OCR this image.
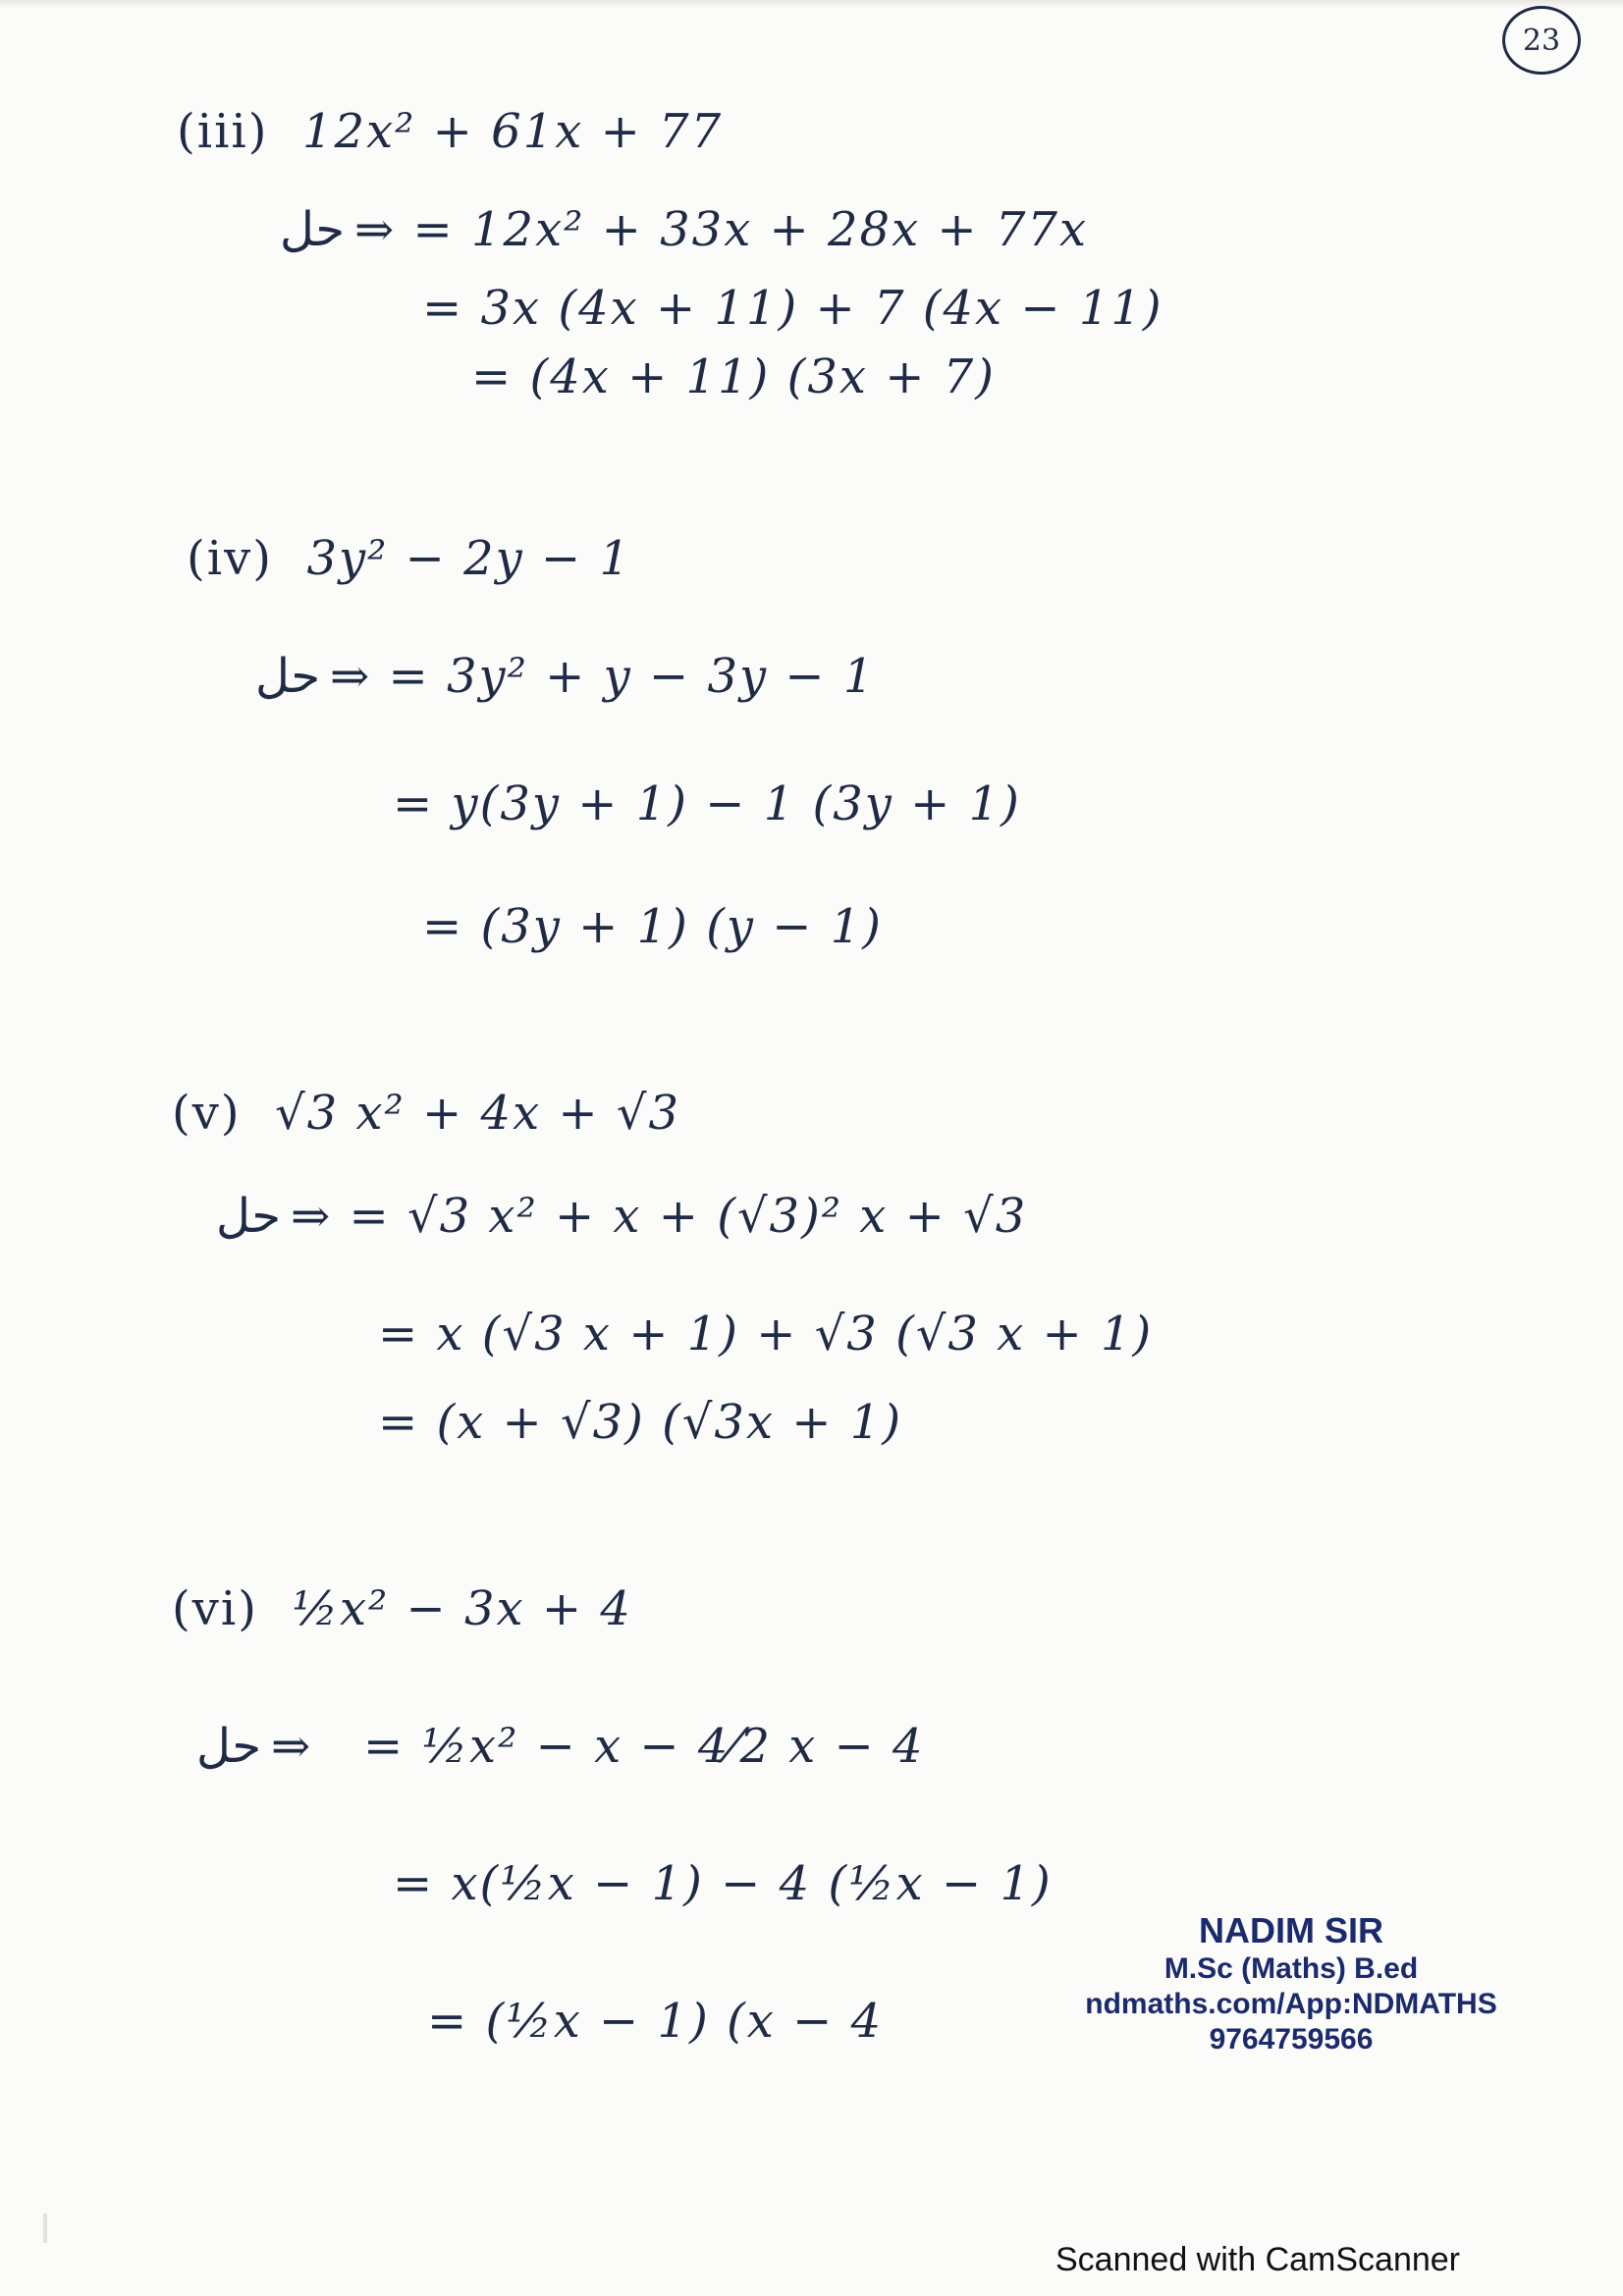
23
(iii) 12x² + 61x + 77
حل ⇒ = 12x² + 33x + 28x + 77x
= 3x (4x + 11) + 7 (4x − 11)
= (4x + 11) (3x + 7)
(iv) 3y² − 2y − 1
حل ⇒ = 3y² + y − 3y − 1
= y(3y + 1) − 1 (3y + 1)
= (3y + 1) (y − 1)
(v) √3 x² + 4x + √3
حل ⇒ = √3 x² + x + (√3)² x + √3
= x (√3 x + 1) + √3 (√3 x + 1)
= (x + √3) (√3x + 1)
(vi) ½x² − 3x + 4
حل ⇒   = ½x² − x − 4⁄2 x − 4
= x(½x − 1) − 4 (½x − 1)
= (½x − 1) (x − 4
NADIM SIR
M.Sc (Maths) B.ed
ndmaths.com/App:NDMATHS
9764759566
Scanned with CamScanner
